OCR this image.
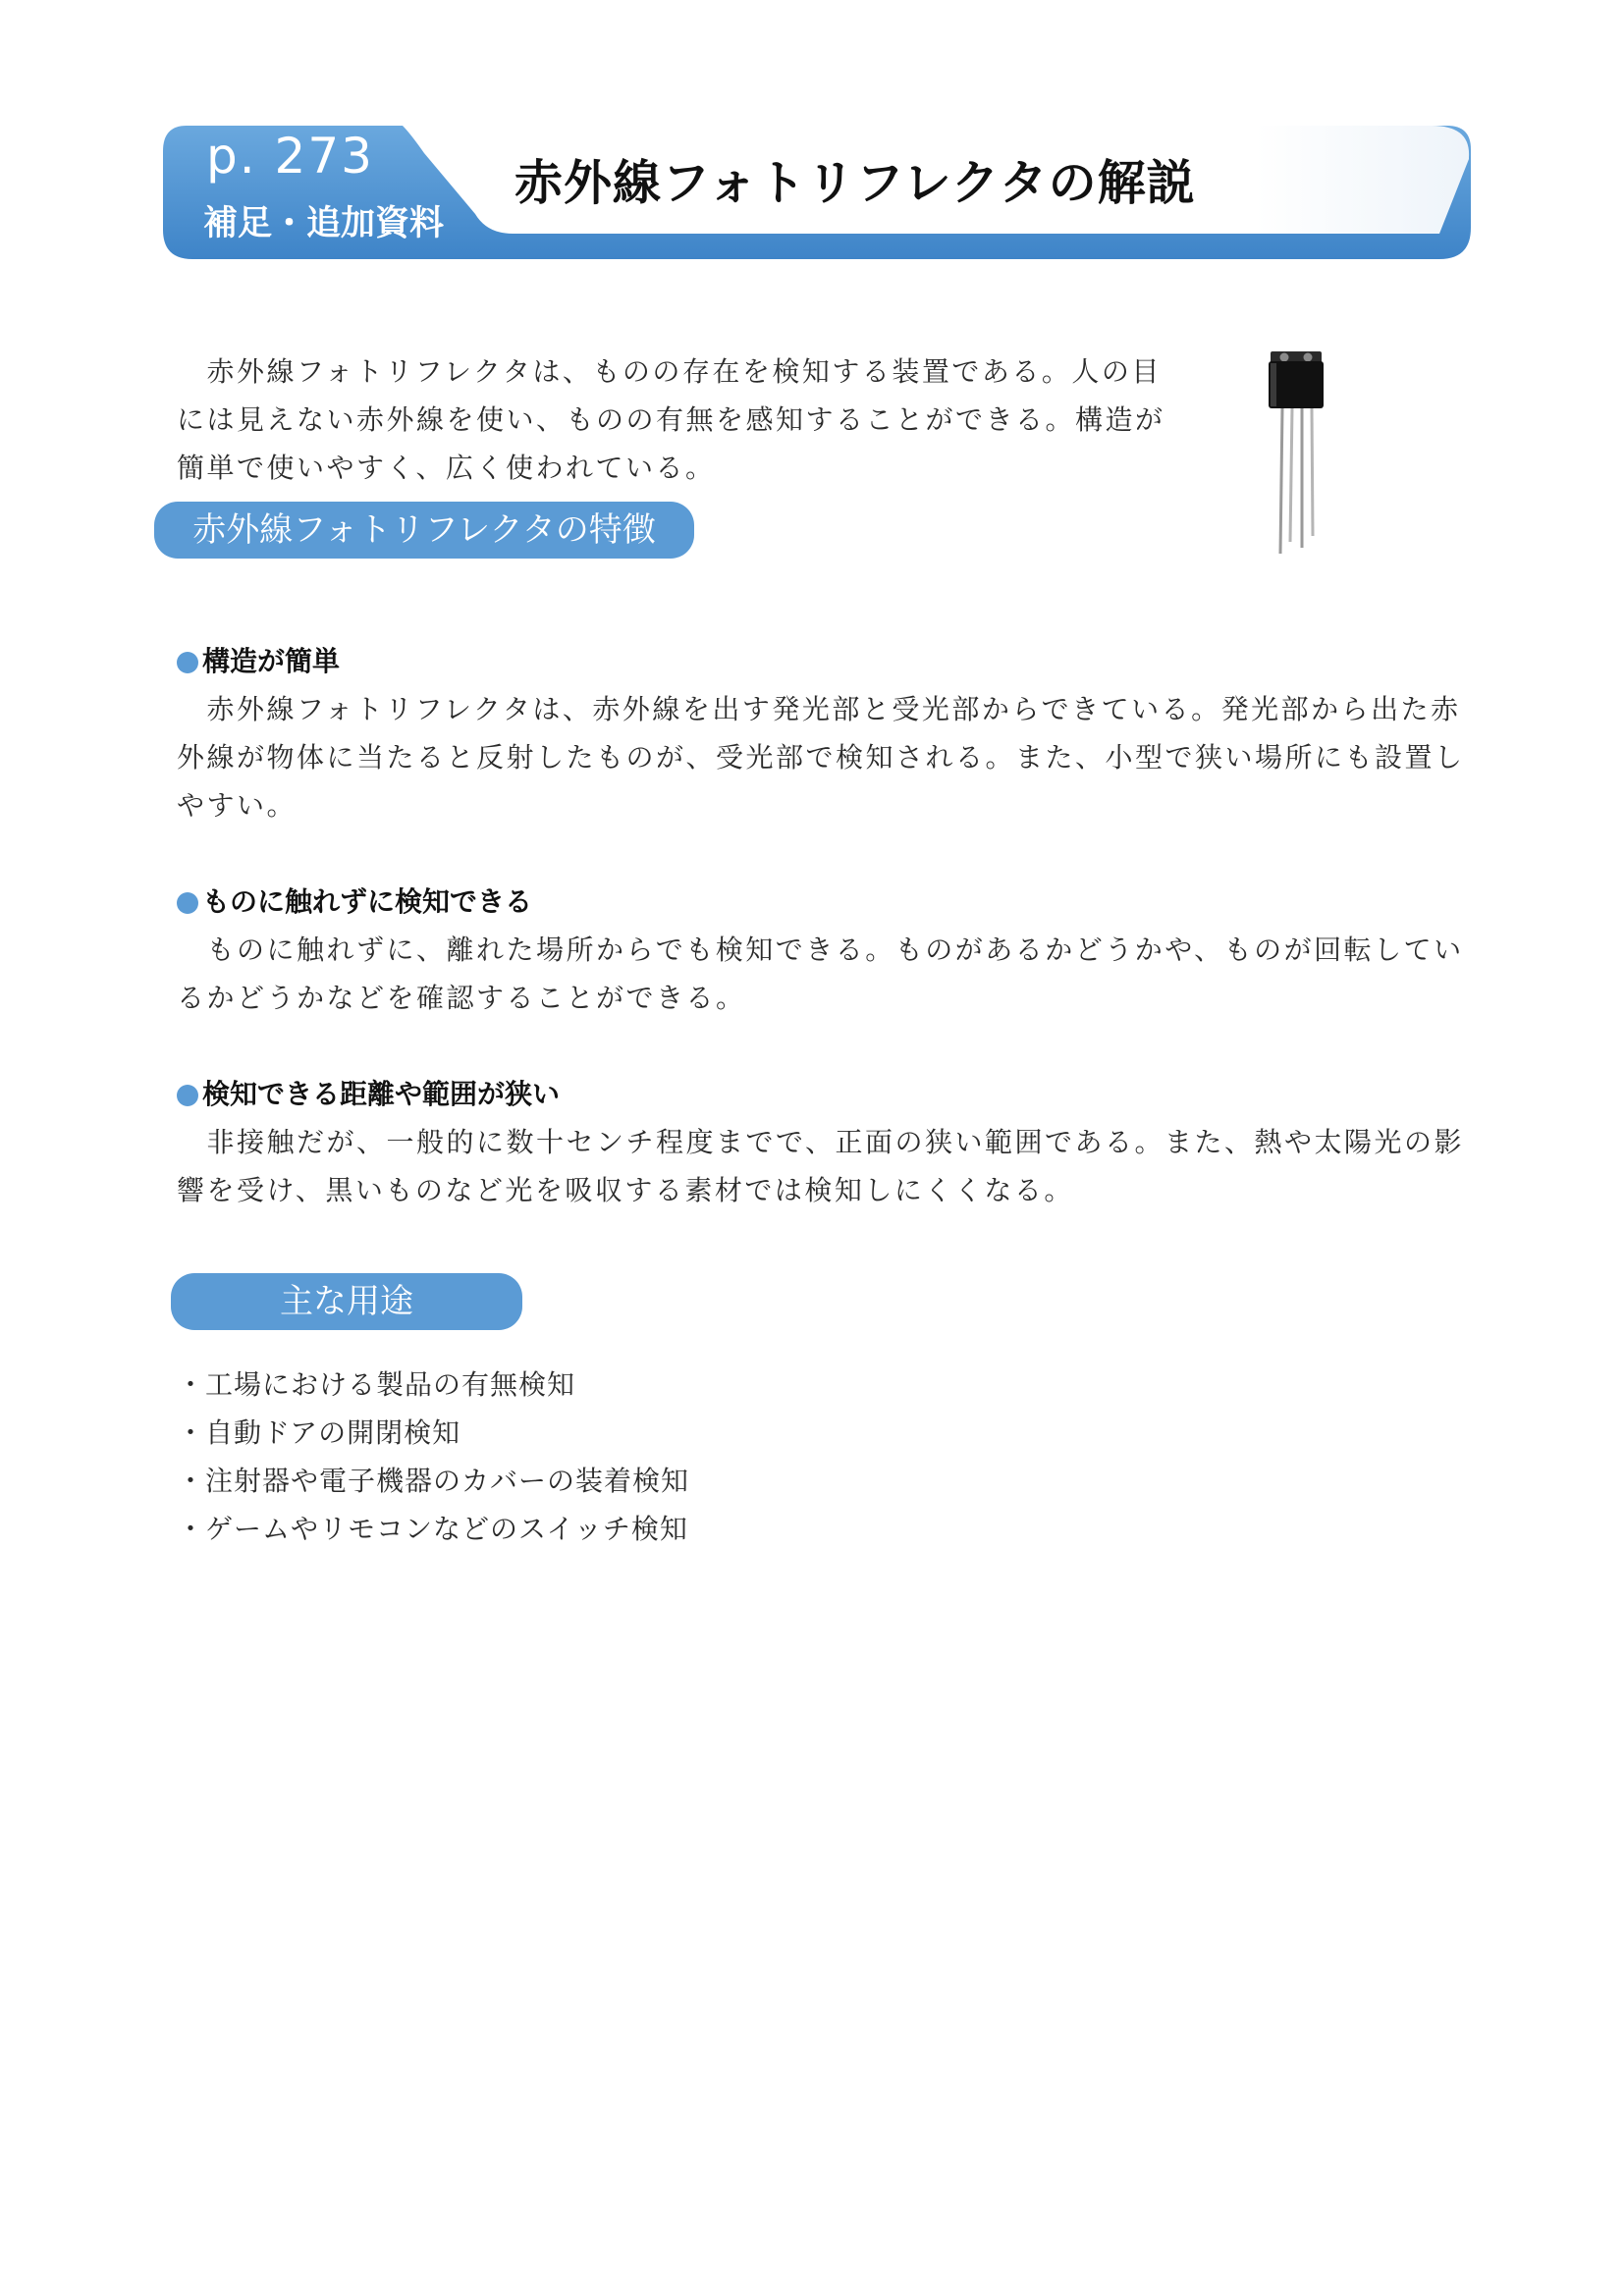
p. 273
補足・追加資料
赤外線フォトリフレクタの解説
　赤外線フォトリフレクタは、ものの存在を検知する装置である。人の目
には見えない赤外線を使い、ものの有無を感知することができる。構造が
簡単で使いやすく、広く使われている。
赤外線フォトリフレクタの特徴
構造が簡単
　赤外線フォトリフレクタは、赤外線を出す発光部と受光部からできている。発光部から出た赤
外線が物体に当たると反射したものが、受光部で検知される。また、小型で狭い場所にも設置し
やすい。
ものに触れずに検知できる
　ものに触れずに、離れた場所からでも検知できる。ものがあるかどうかや、ものが回転してい
るかどうかなどを確認することができる。
検知できる距離や範囲が狭い
　非接触だが、一般的に数十センチ程度までで、正面の狭い範囲である。また、熱や太陽光の影
響を受け、黒いものなど光を吸収する素材では検知しにくくなる。
主な用途
・工場における製品の有無検知
・自動ドアの開閉検知
・注射器や電子機器のカバーの装着検知
・ゲームやリモコンなどのスイッチ検知
